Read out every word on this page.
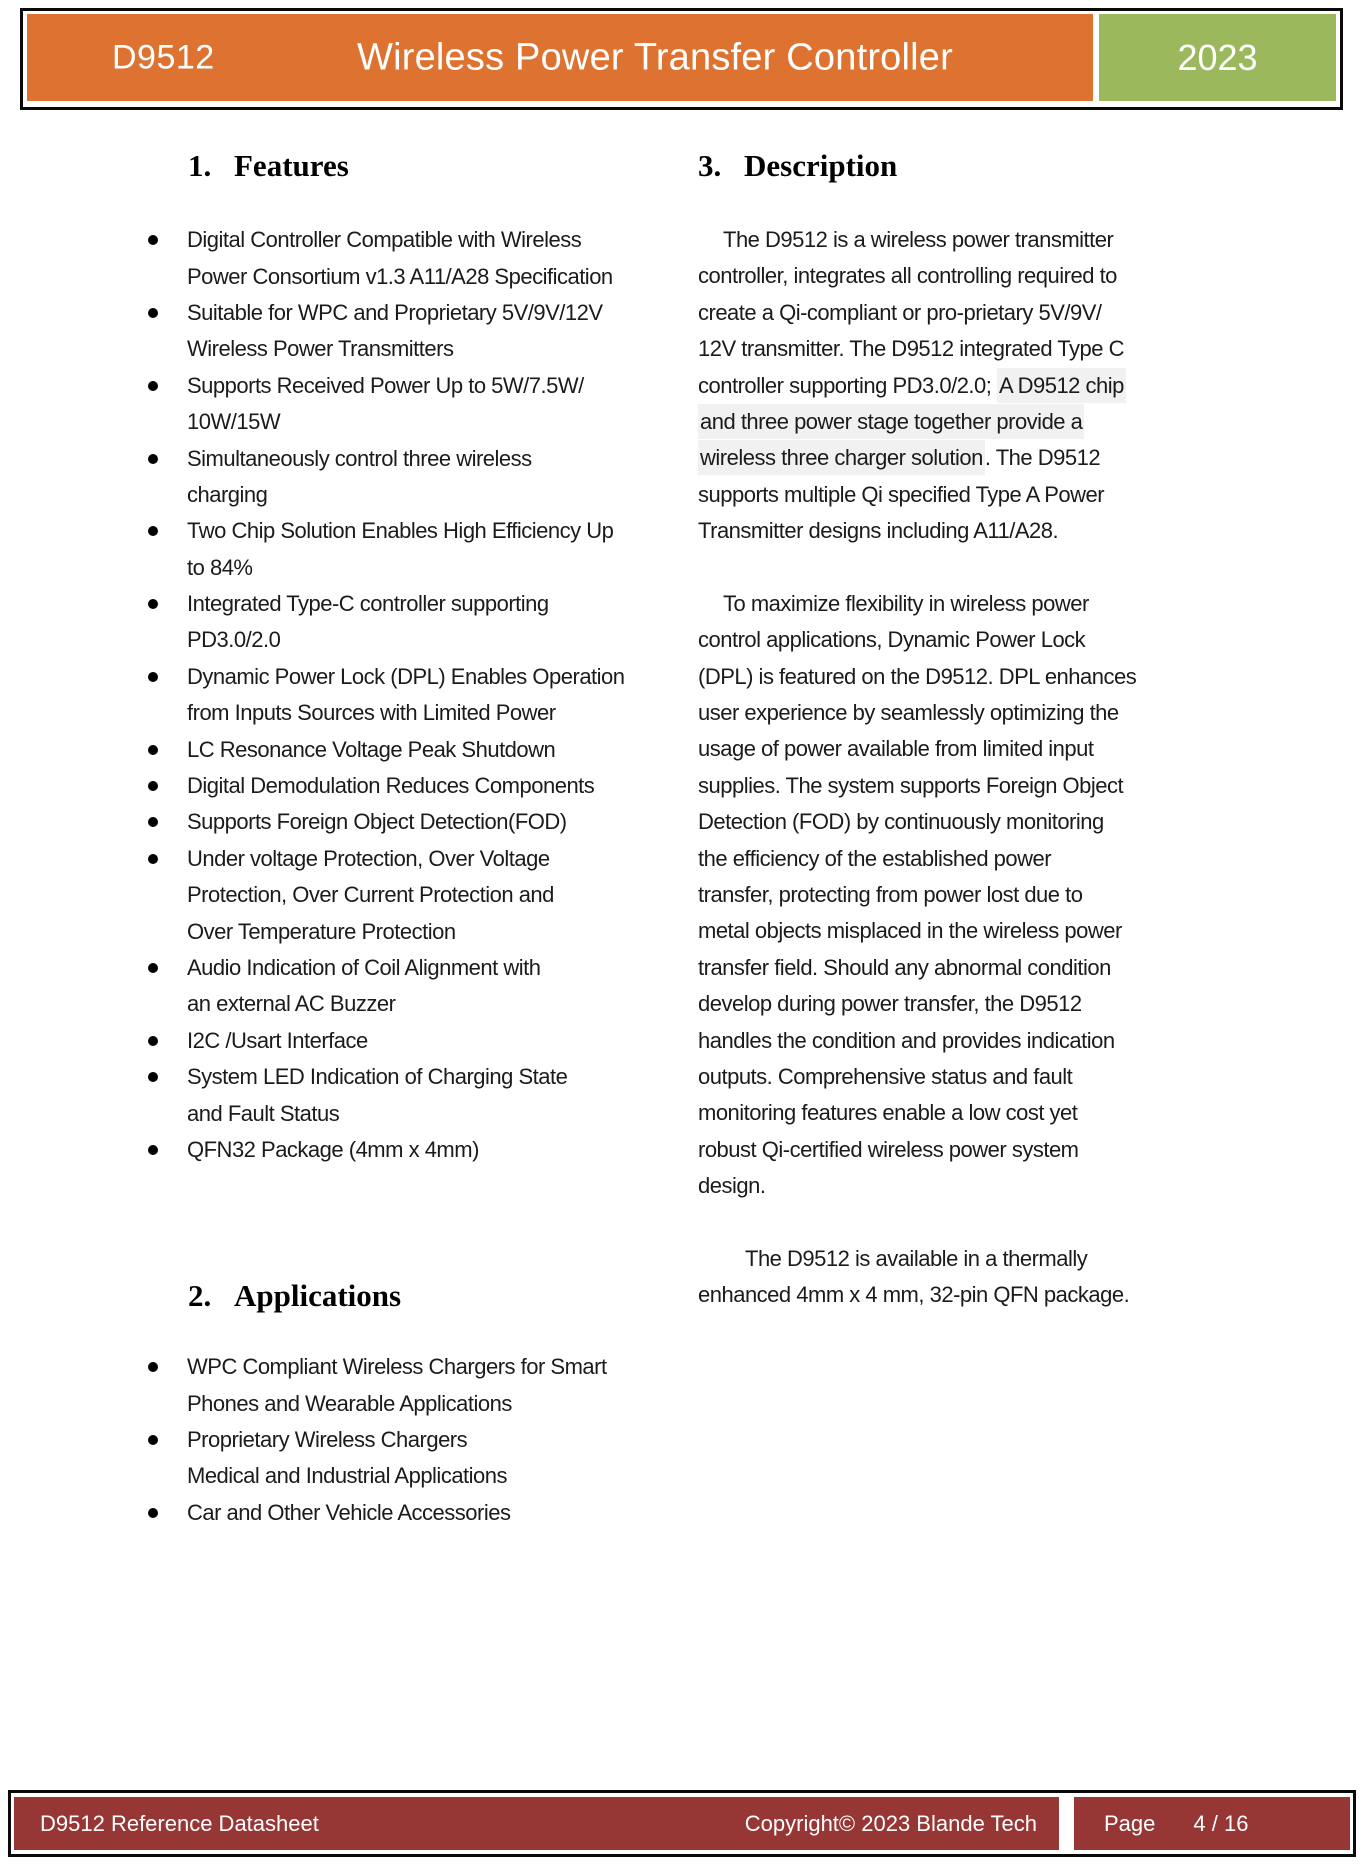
D9512	Wireless Power Transfer Controller	2023
1. Features
Digital Controller Compatible with Wireless
Power Consortium v1.3 A11/A28 Specification
Suitable for WPC and Proprietary 5V/9V/12V
Wireless Power Transmitters
Supports Received Power Up to 5W/7.5W/
10W/15W
Simultaneously control three wireless
charging
Two Chip Solution Enables High Efficiency Up
to 84%
Integrated Type-C controller supporting
PD3.0/2.0
Dynamic Power Lock (DPL) Enables Operation
from Inputs Sources with Limited Power
LC Resonance Voltage Peak Shutdown
Digital Demodulation Reduces Components
Supports Foreign Object Detection(FOD)
Under voltage Protection, Over Voltage
Protection, Over Current Protection and
Over Temperature Protection
Audio Indication of Coil Alignment with
an external AC Buzzer
I2C /Usart Interface
System LED Indication of Charging State
and Fault Status
QFN32 Package (4mm x 4mm)
2. Applications
WPC Compliant Wireless Chargers for Smart
Phones and Wearable Applications
Proprietary Wireless Chargers
Medical and Industrial Applications
Car and Other Vehicle Accessories
3. Description
The D9512 is a wireless power transmitter
controller, integrates all controlling required to
create a Qi-compliant or pro-prietary 5V/9V/
12V transmitter. The D9512 integrated Type C
controller supporting PD3.0/2.0; A D9512 chip
and three power stage together provide a
wireless three charger solution. The D9512
supports multiple Qi specified Type A Power
Transmitter designs including A11/A28.
To maximize flexibility in wireless power
control applications, Dynamic Power Lock
(DPL) is featured on the D9512. DPL enhances
user experience by seamlessly optimizing the
usage of power available from limited input
supplies. The system supports Foreign Object
Detection (FOD) by continuously monitoring
the efficiency of the established power
transfer, protecting from power lost due to
metal objects misplaced in the wireless power
transfer field. Should any abnormal condition
develop during power transfer, the D9512
handles the condition and provides indication
outputs. Comprehensive status and fault
monitoring features enable a low cost yet
robust Qi-certified wireless power system
design.
The D9512 is available in a thermally
enhanced 4mm x 4 mm, 32-pin QFN package.
D9512 Reference Datasheet	Copyright© 2023 Blande Tech	Page 4 / 16
